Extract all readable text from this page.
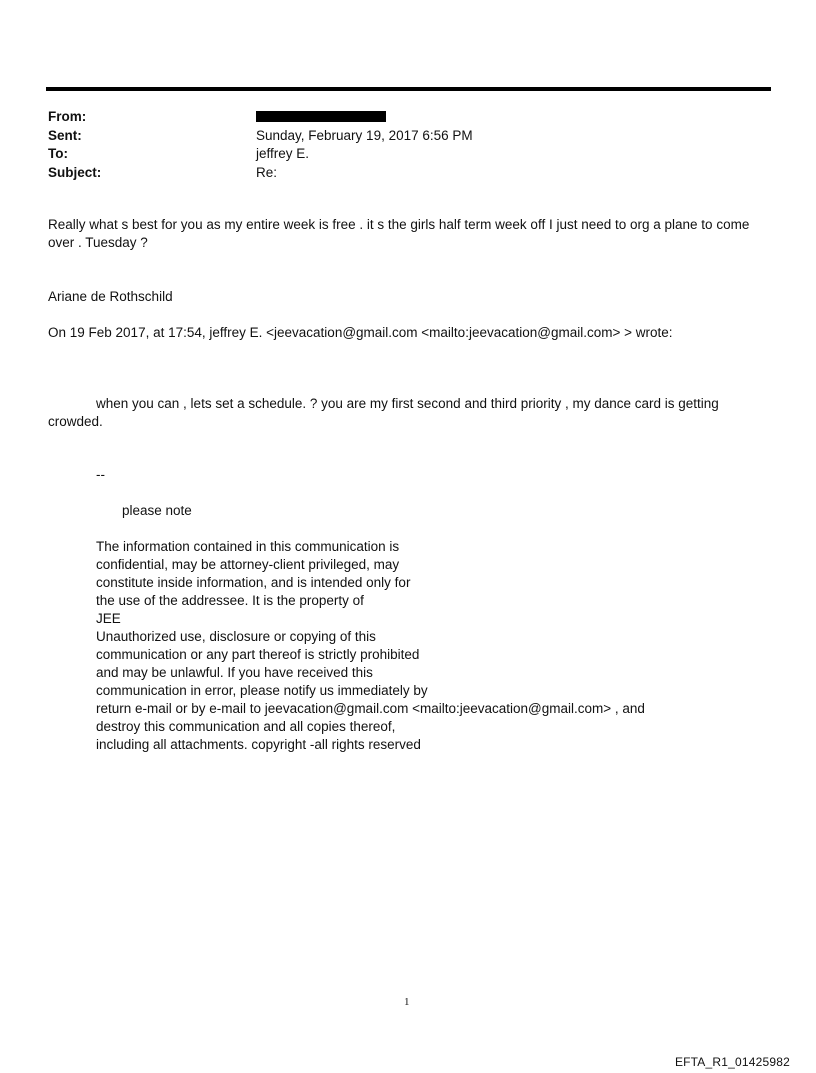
From:
Sent:	Sunday, February 19, 2017 6:56 PM
To:	jeffrey E.
Subject:	Re:
Really what s best for you as my entire week is free . it s the girls half term week off I just need to org a plane to come over . Tuesday ?
Ariane de Rothschild
On 19 Feb 2017, at 17:54, jeffrey E. <jeevacation@gmail.com <mailto:jeevacation@gmail.com> > wrote:
when you can , lets set a schedule. ? you are my first second and third priority , my dance card is getting crowded.
--
please note
The information contained in this communication is
confidential, may be attorney-client privileged, may
constitute inside information, and is intended only for
the use of the addressee. It is the property of
JEE
Unauthorized use, disclosure or copying of this
communication or any part thereof is strictly prohibited
and may be unlawful. If you have received this
communication in error, please notify us immediately by
return e-mail or by e-mail to jeevacation@gmail.com <mailto:jeevacation@gmail.com> , and
destroy this communication and all copies thereof,
including all attachments. copyright -all rights reserved
1
EFTA_R1_01425982
